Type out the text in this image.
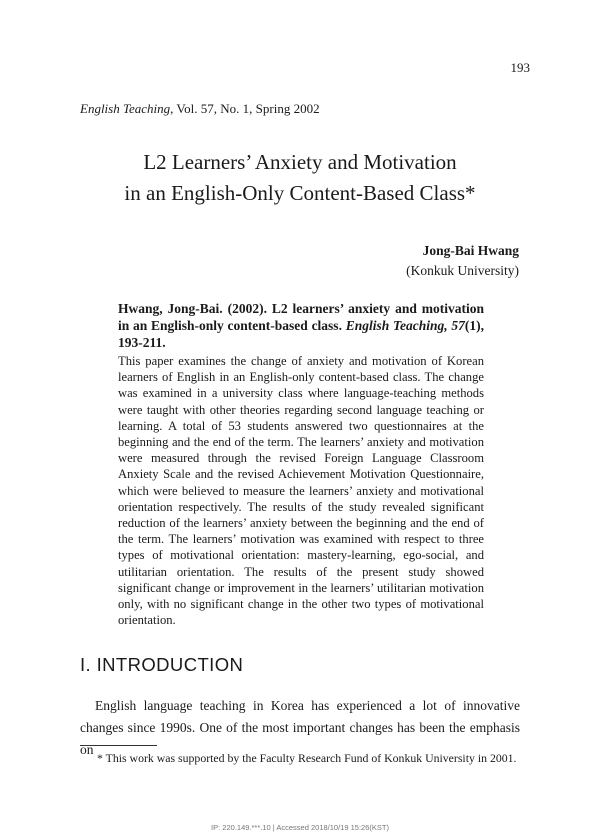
193
English Teaching, Vol. 57, No. 1, Spring 2002
L2 Learners’ Anxiety and Motivation
in an English-Only Content-Based Class*
Jong-Bai Hwang
(Konkuk University)
Hwang, Jong-Bai. (2002). L2 learners’ anxiety and motivation in an English-only content-based class. English Teaching, 57(1), 193-211.
This paper examines the change of anxiety and motivation of Korean learners of English in an English-only content-based class. The change was examined in a university class where language-teaching methods were taught with other theories regarding second language teaching or learning. A total of 53 students answered two questionnaires at the beginning and the end of the term. The learners’ anxiety and motivation were measured through the revised Foreign Language Classroom Anxiety Scale and the revised Achievement Motivation Questionnaire, which were believed to measure the learners’ anxiety and motivational orientation respectively. The results of the study revealed significant reduction of the learners’ anxiety between the beginning and the end of the term. The learners’ motivation was examined with respect to three types of motivational orientation: mastery-learning, ego-social, and utilitarian orientation. The results of the present study showed significant change or improvement in the learners’ utilitarian motivation only, with no significant change in the other two types of motivational orientation.
I. INTRODUCTION
English language teaching in Korea has experienced a lot of innovative changes since 1990s. One of the most important changes has been the emphasis on
* This work was supported by the Faculty Research Fund of Konkuk University in 2001.
IP: 220.149.***.10 | Accessed 2018/10/19 15:26(KST)
